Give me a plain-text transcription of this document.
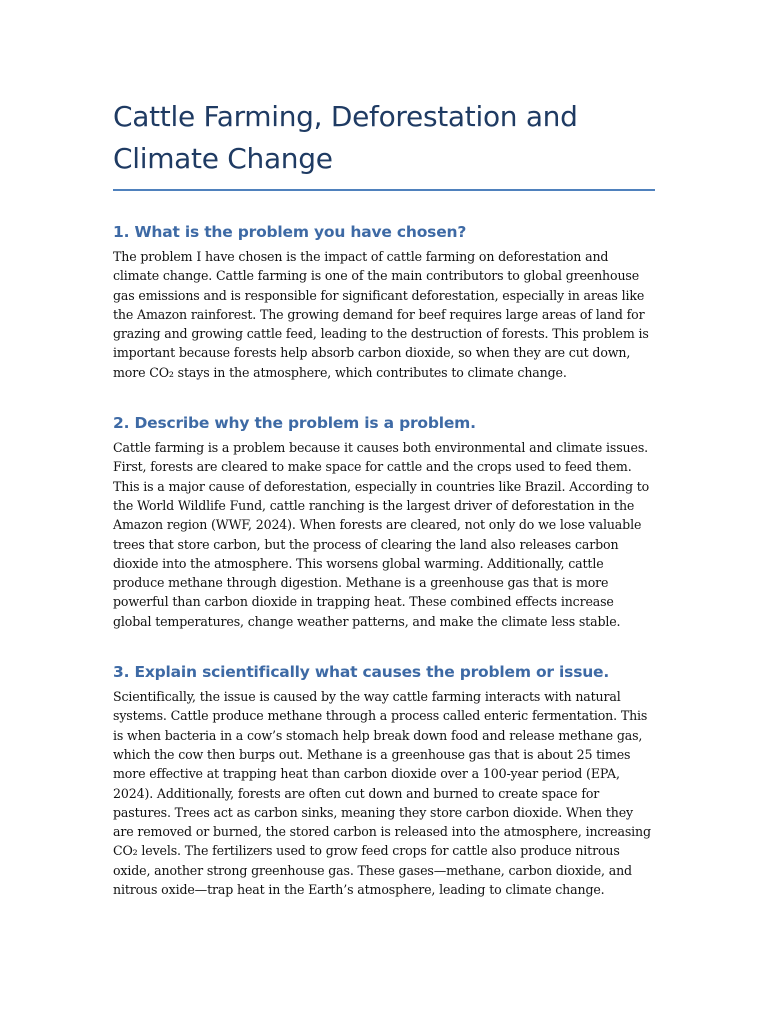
Cattle Farming, Deforestation and Climate Change
1. What is the problem you have chosen?

The problem I have chosen is the impact of cattle farming on deforestation and climate change. Cattle farming is one of the main contributors to global greenhouse gas emissions and is responsible for significant deforestation, especially in areas like the Amazon rainforest. The growing demand for beef requires large areas of land for grazing and growing cattle feed, leading to the destruction of forests. This problem is important because forests help absorb carbon dioxide, so when they are cut down, more CO₂ stays in the atmosphere, which contributes to climate change.

2. Describe why the problem is a problem.

Cattle farming is a problem because it causes both environmental and climate issues. First, forests are cleared to make space for cattle and the crops used to feed them. This is a major cause of deforestation, especially in countries like Brazil. According to the World Wildlife Fund, cattle ranching is the largest driver of deforestation in the Amazon region (WWF, 2024). When forests are cleared, not only do we lose valuable trees that store carbon, but the process of clearing the land also releases carbon dioxide into the atmosphere. This worsens global warming. Additionally, cattle produce methane through digestion. Methane is a greenhouse gas that is more powerful than carbon dioxide in trapping heat. These combined effects increase global temperatures, change weather patterns, and make the climate less stable.

3. Explain scientifically what causes the problem or issue.

Scientifically, the issue is caused by the way cattle farming interacts with natural systems. Cattle produce methane through a process called enteric fermentation. This is when bacteria in a cow’s stomach help break down food and release methane gas, which the cow then burps out. Methane is a greenhouse gas that is about 25 times more effective at trapping heat than carbon dioxide over a 100-year period (EPA, 2024). Additionally, forests are often cut down and burned to create space for pastures. Trees act as carbon sinks, meaning they store carbon dioxide. When they are removed or burned, the stored carbon is released into the atmosphere, increasing CO₂ levels. The fertilizers used to grow feed crops for cattle also produce nitrous oxide, another strong greenhouse gas. These gases—methane, carbon dioxide, and nitrous oxide—trap heat in the Earth’s atmosphere, leading to climate change.
